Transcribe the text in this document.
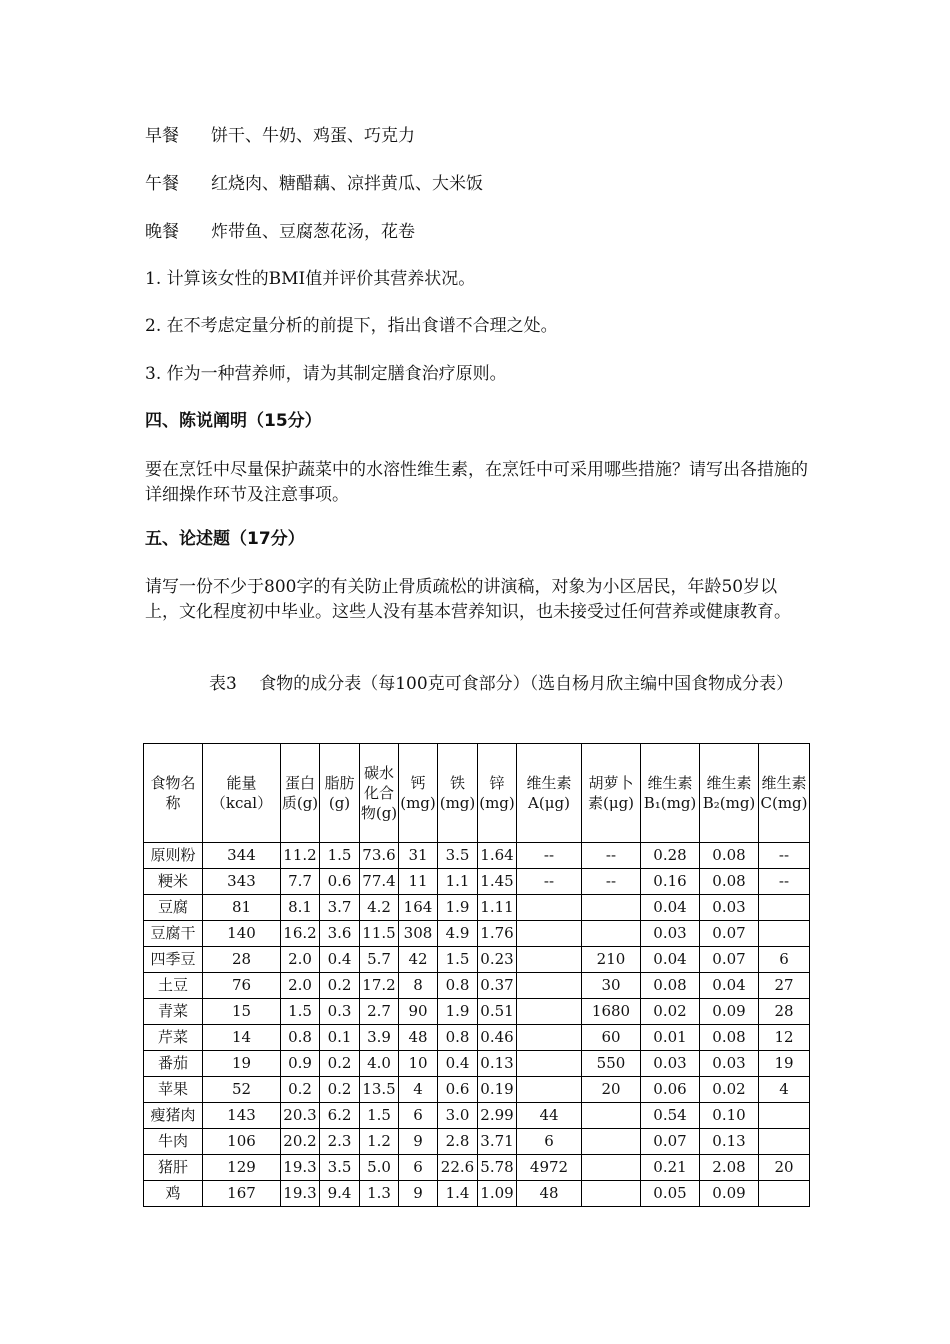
早餐 饼干、牛奶、鸡蛋、巧克力
午餐 红烧肉、糖醋藕、凉拌黄瓜、大米饭
晚餐 炸带鱼、豆腐葱花汤，花卷
1. 计算该女性的BMI值并评价其营养状况。
2. 在不考虑定量分析的前提下，指出食谱不合理之处。
3. 作为一种营养师，请为其制定膳食治疗原则。
四、陈说阐明（15分）
要在烹饪中尽量保护蔬菜中的水溶性维生素，在烹饪中可采用哪些措施？请写出各措施的详细操作环节及注意事项。
五、论述题（17分）
请写一份不少于800字的有关防止骨质疏松的讲演稿，对象为小区居民，年龄50岁以上，文化程度初中毕业。这些人没有基本营养知识，也未接受过任何营养或健康教育。
表3　 食物的成分表（每100克可食部分）（选自杨月欣主编中国食物成分表）
食物名称	能量（kcal）	蛋白质(g)	脂肪(g)	碳水化合物(g)	钙(mg)	铁(mg)	锌(mg)	维生素A(μg)	胡萝卜素(μg)	维生素B₁(mg)	维生素B₂(mg)	维生素C(mg)
原则粉	344	11.2	1.5	73.6	31	3.5	1.64	--	--	0.28	0.08	--
粳米	343	7.7	0.6	77.4	11	1.1	1.45	--	--	0.16	0.08	--
豆腐	81	8.1	3.7	4.2	164	1.9	1.11			0.04	0.03	
豆腐干	140	16.2	3.6	11.5	308	4.9	1.76			0.03	0.07	
四季豆	28	2.0	0.4	5.7	42	1.5	0.23		210	0.04	0.07	6
土豆	76	2.0	0.2	17.2	8	0.8	0.37		30	0.08	0.04	27
青菜	15	1.5	0.3	2.7	90	1.9	0.51		1680	0.02	0.09	28
芹菜	14	0.8	0.1	3.9	48	0.8	0.46		60	0.01	0.08	12
番茄	19	0.9	0.2	4.0	10	0.4	0.13		550	0.03	0.03	19
苹果	52	0.2	0.2	13.5	4	0.6	0.19		20	0.06	0.02	4
瘦猪肉	143	20.3	6.2	1.5	6	3.0	2.99	44		0.54	0.10	
牛肉	106	20.2	2.3	1.2	9	2.8	3.71	6		0.07	0.13	
猪肝	129	19.3	3.5	5.0	6	22.6	5.78	4972		0.21	2.08	20
鸡	167	19.3	9.4	1.3	9	1.4	1.09	48		0.05	0.09	
